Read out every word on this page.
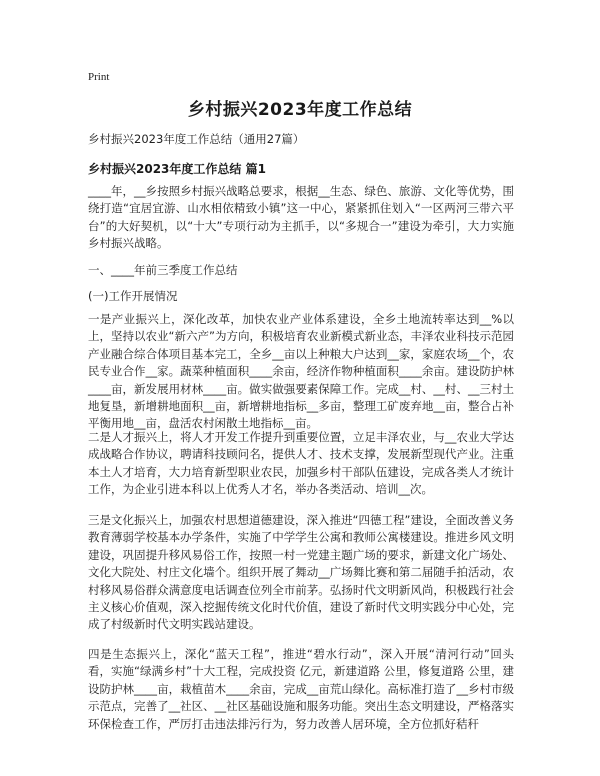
Print
乡村振兴2023年度工作总结
乡村振兴2023年度工作总结（通用27篇）
乡村振兴2023年度工作总结 篇1

____年，__乡按照乡村振兴战略总要求，根据__生态、绿色、旅游、文化等优势，围绕打造“宜居宜游、山水相依精致小镇”这一中心，紧紧抓住划入“一区两河三带六平台”的大好契机，以“十大”专项行动为主抓手，以“多规合一”建设为牵引，大力实施乡村振兴战略。

一、____年前三季度工作总结
(一)工作开展情况

一是产业振兴上，深化改革，加快农业产业体系建设，全乡土地流转率达到__%以上，坚持以农业“新六产”为方向，积极培育农业新模式新业态，丰泽农业科技示范园产业融合综合体项目基本完工，全乡__亩以上种粮大户达到__家，家庭农场__个，农民专业合作__家。蔬菜种植面积____余亩，经济作物种植面积____余亩。建设防护林____亩，新发展用材林____亩。做实做强要素保障工作。完成__村、__村、__三村土地复垦，新增耕地面积__亩，新增耕地指标__多亩，整理工矿废弃地__亩，整合占补平衡用地__亩，盘活农村闲散土地指标__亩。

二是人才振兴上，将人才开发工作提升到重要位置，立足丰泽农业，与__农业大学达成战略合作协议，聘请科技顾问名，提供人才、技术支撑，发展新型现代产业。注重本土人才培育，大力培育新型职业农民，加强乡村干部队伍建设，完成各类人才统计工作，为企业引进本科以上优秀人才名，举办各类活动、培训__次。

三是文化振兴上，加强农村思想道德建设，深入推进“四德工程”建设，全面改善义务教育薄弱学校基本办学条件，实施了中学学生公寓和教师公寓楼建设。推进乡风文明建设，巩固提升移风易俗工作，按照一村一党建主题广场的要求，新建文化广场处、文化大院处、村庄文化墙个。组织开展了舞动__广场舞比赛和第二届随手拍活动，农村移风易俗群众满意度电话调查位列全市前茅。弘扬时代文明新风尚，积极践行社会主义核心价值观，深入挖掘传统文化时代价值，建设了新时代文明实践分中心处，完成了村级新时代文明实践站建设。

四是生态振兴上，深化“蓝天工程”，推进“碧水行动”，深入开展“清河行动”回头看，实施“绿满乡村”十大工程，完成投资 亿元，新建道路 公里，修复道路 公里，建设防护林____亩，栽植苗木____余亩，完成__亩荒山绿化。高标准打造了__乡村市级示范点，完善了__社区、__社区基础设施和服务功能。突出生态文明建设，严格落实环保检查工作，严厉打击违法排污行为，努力改善人居环境，全方位抓好秸秆
